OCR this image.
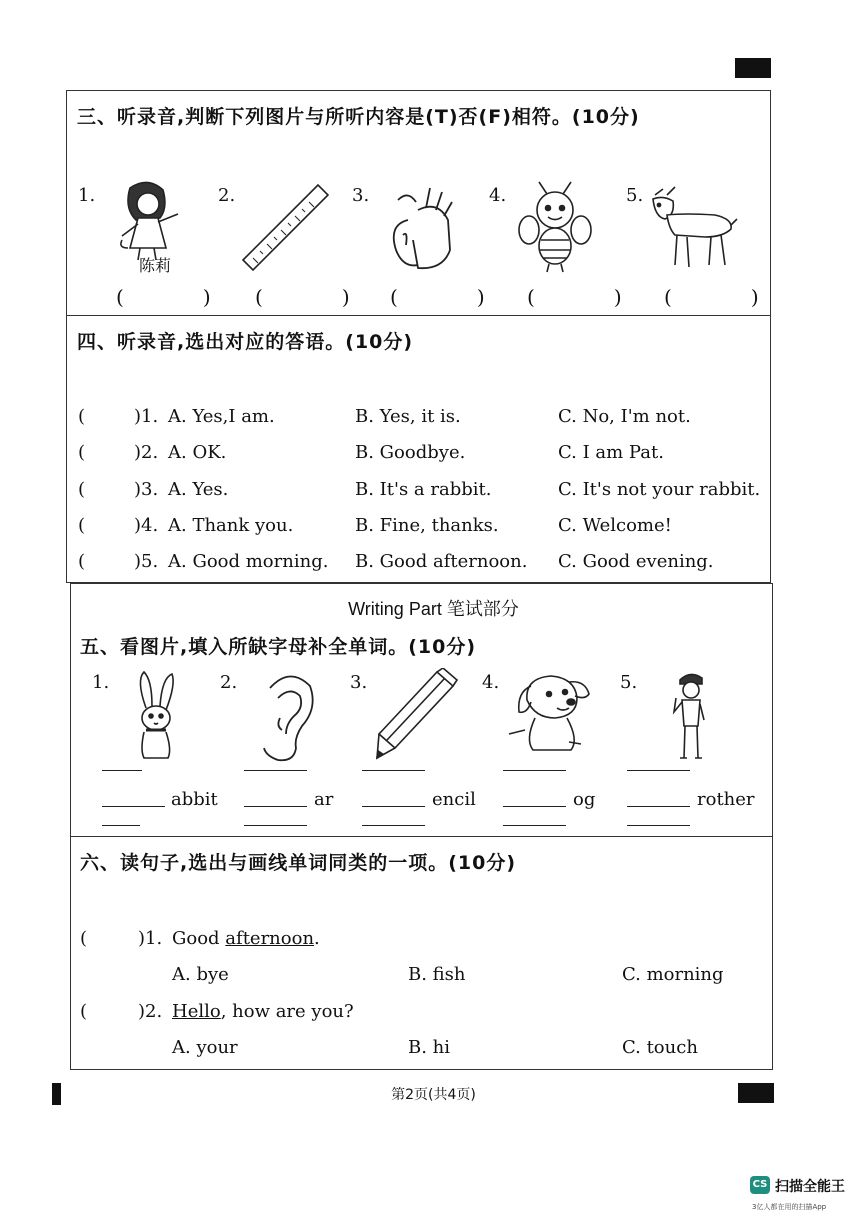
三、听录音,判断下列图片与所听内容是(T)否(F)相符。(10分)
1.	2.	3.	4.	5.
陈莉
(   ) (   ) (   ) (   ) (   )
四、听录音,选出对应的答语。(10分)
(	)1. A. Yes,I am.	B. Yes, it is.	C. No, I'm not.
(	)2. A. OK.	B. Goodbye.	C. I am Pat.
(	)3. A. Yes.	B. It's a rabbit.	C. It's not your rabbit.
(	)4. A. Thank you.	B. Fine, thanks.	C. Welcome!
(	)5. A. Good morning. B. Good afternoon. C. Good evening.
Writing Part 笔试部分
五、看图片,填入所缺字母补全单词。(10分)
1.	2.	3.	4.	5.
abbit	ar	encil	og	rother
六、读句子,选出与画线单词同类的一项。(10分)
(	)1. Good afternoon.
A. bye	B. fish	C. morning
(	)2. Hello, how are you?
A. your	B. hi	C. touch
第2页(共4页)
CS 扫描全能王
3亿人都在用的扫描App
